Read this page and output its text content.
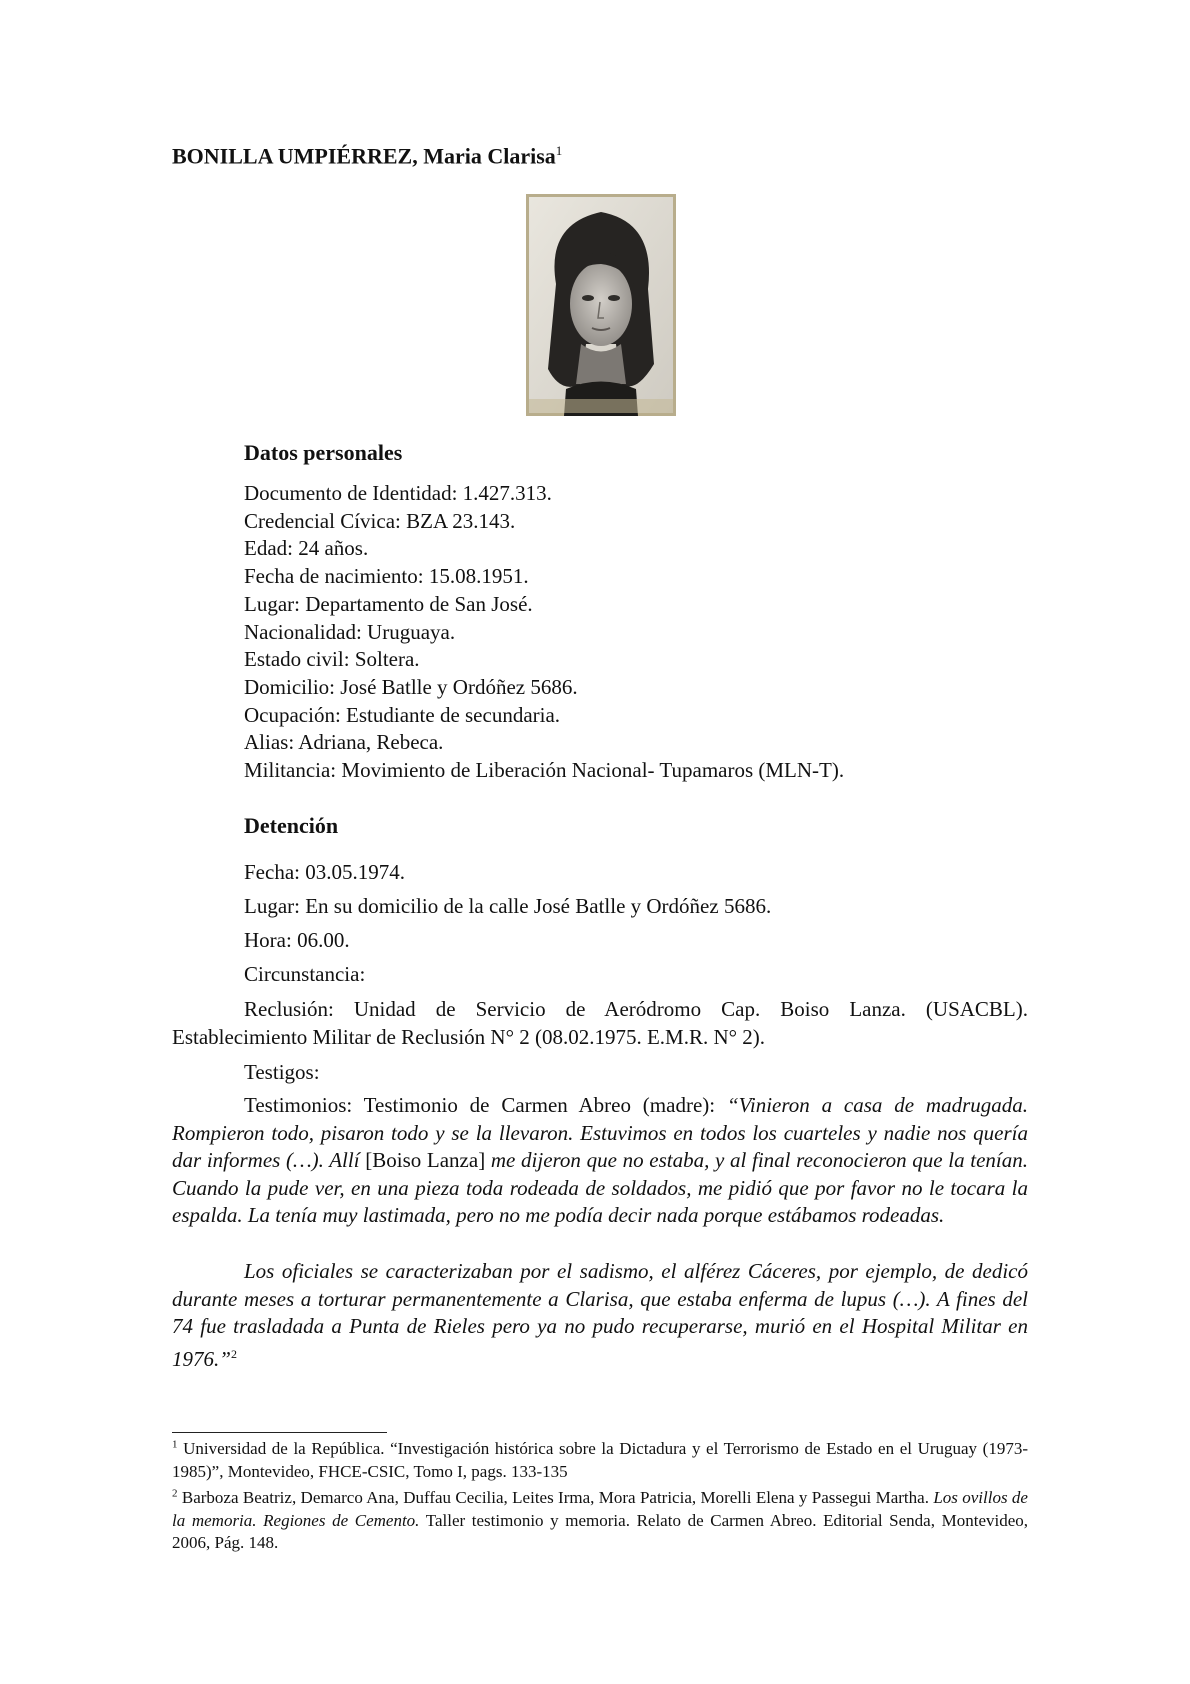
BONILLA UMPIÉRREZ, Maria Clarisa$^1$
Datos personales
Documento de Identidad: 1.427.313.
Credencial Cívica: BZA 23.143.
Edad: 24 años.
Fecha de nacimiento: 15.08.1951.
Lugar: Departamento de San José.
Nacionalidad: Uruguaya.
Estado civil: Soltera.
Domicilio: José Batlle y Ordóñez 5686.
Ocupación: Estudiante de secundaria.
Alias: Adriana, Rebeca.
Militancia: Movimiento de Liberación Nacional- Tupamaros (MLN-T).
Detención
Fecha: 03.05.1974.
Lugar: En su domicilio de la calle José Batlle y Ordóñez 5686.
Hora: 06.00.
Circunstancia:
Reclusión: Unidad de Servicio de Aeródromo Cap. Boiso Lanza. (USACBL). Establecimiento Militar de Reclusión N° 2 (08.02.1975. E.M.R. N° 2).
Testigos:
Testimonios: Testimonio de Carmen Abreo (madre): “Vinieron a casa de madrugada. Rompieron todo, pisaron todo y se la llevaron. Estuvimos en todos los cuarteles y nadie nos quería dar informes (…). Allí [Boiso Lanza] me dijeron que no estaba, y al final reconocieron que la tenían. Cuando la pude ver, en una pieza toda rodeada de soldados, me pidió que por favor no le tocara la espalda. La tenía muy lastimada, pero no me podía decir nada porque estábamos rodeadas.
Los oficiales se caracterizaban por el sadismo, el alférez Cáceres, por ejemplo, de dedicó durante meses a torturar permanentemente a Clarisa, que estaba enferma de lupus (…). A fines del 74 fue trasladada a Punta de Rieles pero ya no pudo recuperarse, murió en el Hospital Militar en 1976.”$^2$
$^1$ Universidad de la República. “Investigación histórica sobre la Dictadura y el Terrorismo de Estado en el Uruguay (1973-1985)”, Montevideo, FHCE-CSIC, Tomo I, pags. 133-135
$^2$ Barboza Beatriz, Demarco Ana, Duffau Cecilia, Leites Irma, Mora Patricia, Morelli Elena y Passegui Martha. Los ovillos de la memoria. Regiones de Cemento. Taller testimonio y memoria. Relato de Carmen Abreo. Editorial Senda, Montevideo, 2006, Pág. 148.
